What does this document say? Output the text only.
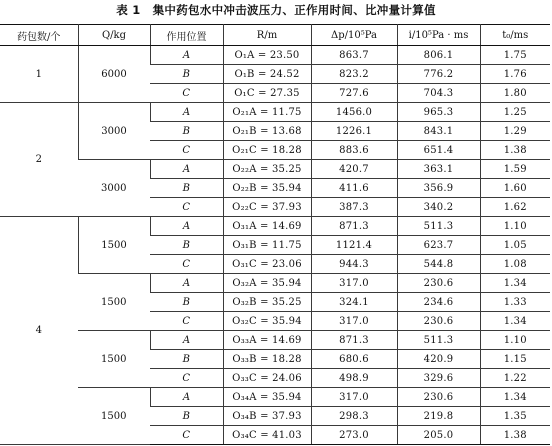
表 1 集中药包水中冲击波压力、正作用时间、比冲量计算值
药包数/个	Q/kg	作用位置	R/m	Δp/10⁵Pa	i/10⁵Pa · ms	t₀/ms
1	6000	A	O₁A = 23.50	863.7	806.1	1.75
		B	O₁B = 24.52	823.2	776.2	1.76
		C	O₁C = 27.35	727.6	704.3	1.80
2	3000	A	O₂₁A = 11.75	1456.0	965.3	1.25
		B	O₂₁B = 13.68	1226.1	843.1	1.29
		C	O₂₁C = 18.28	883.6	651.4	1.38
	3000	A	O₂₂A = 35.25	420.7	363.1	1.59
		B	O₂₂B = 35.94	411.6	356.9	1.60
		C	O₂₂C = 37.93	387.3	340.2	1.62
4	1500	A	O₃₁A = 14.69	871.3	511.3	1.10
		B	O₃₁B = 11.75	1121.4	623.7	1.05
		C	O₃₁C = 23.06	944.3	544.8	1.08
	1500	A	O₃₂A = 35.94	317.0	230.6	1.34
		B	O₃₂B = 35.25	324.1	234.6	1.33
		C	O₃₂C = 35.94	317.0	230.6	1.34
	1500	A	O₃₃A = 14.69	871.3	511.3	1.10
		B	O₃₃B = 18.28	680.6	420.9	1.15
		C	O₃₃C = 24.06	498.9	329.6	1.22
	1500	A	O₃₄A = 35.94	317.0	230.6	1.34
		B	O₃₄B = 37.93	298.3	219.8	1.35
		C	O₃₄C = 41.03	273.0	205.0	1.38
